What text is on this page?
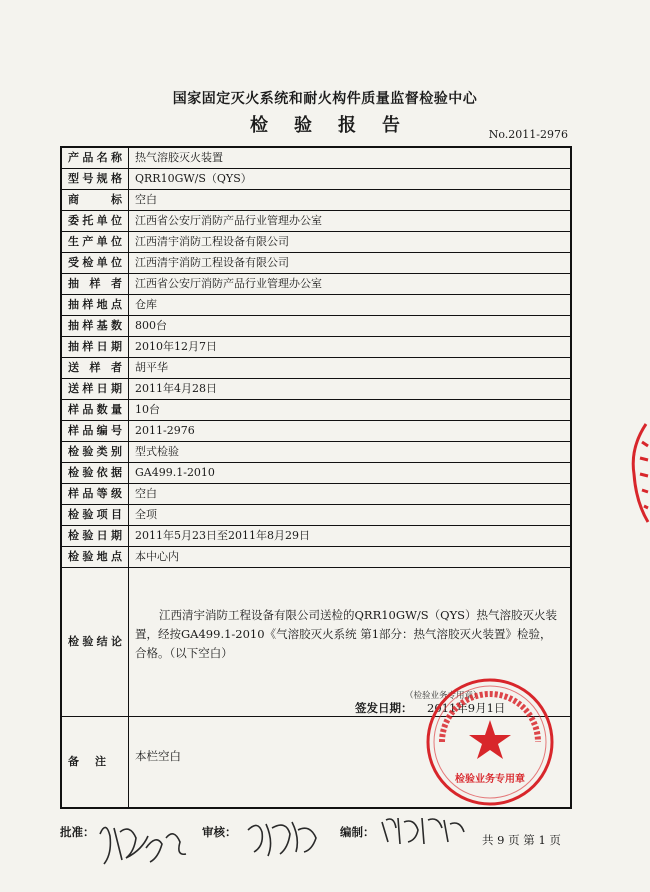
国家固定灭火系统和耐火构件质量监督检验中心
检验报告	No.2011-2976
产品名称	热气溶胶灭火装置
型号规格	QRR10GW/S（QYS）
商标	空白
委托单位	江西省公安厅消防产品行业管理办公室
生产单位	江西清宇消防工程设备有限公司
受检单位	江西清宇消防工程设备有限公司
抽样者	江西省公安厅消防产品行业管理办公室
抽样地点	仓库
抽样基数	800台
抽样日期	2010年12月7日
送样者	胡平华
送样日期	2011年4月28日
样品数量	10台
样品编号	2011-2976
检验类别	型式检验
检验依据	GA499.1-2010
样品等级	空白
检验项目	全项
检验日期	2011年5月23日至2011年8月29日
检验地点	本中心内
检验结论	江西清宇消防工程设备有限公司送检的QRR10GW/S（QYS）热气溶胶灭火装置，经按GA499.1-2010《气溶胶灭火系统 第1部分：热气溶胶灭火装置》检验，合格。（以下空白）
（检验业务专用章）
签发日期： 2011年9月1日

备注	本栏空白
批准：	审核：	编制：
共 9 页 第 1 页
检验业务专用章
